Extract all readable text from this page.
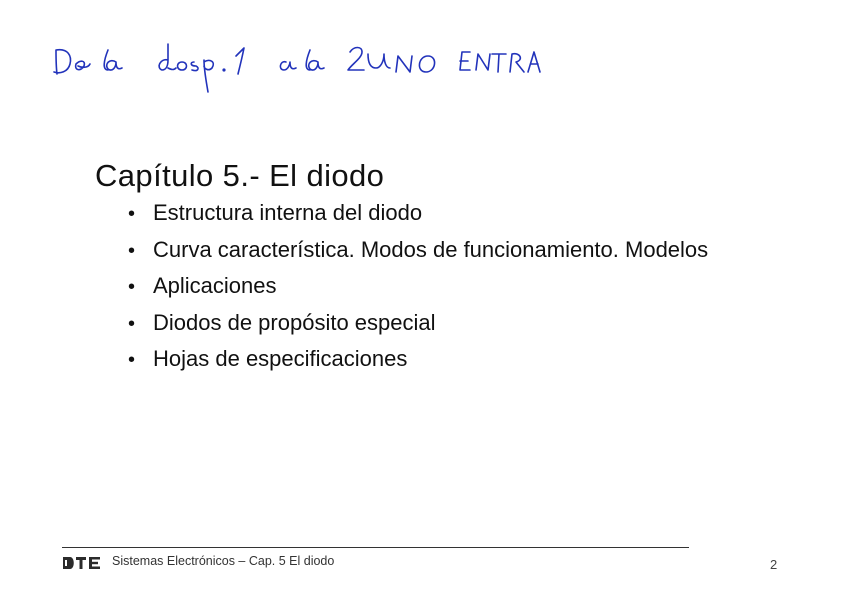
Capítulo 5.- El diodo
• Estructura interna del diodo
• Curva característica. Modos de funcionamiento. Modelos
• Aplicaciones
• Diodos de propósito especial
• Hojas de especificaciones
Sistemas Electrónicos – Cap. 5 El diodo	2
